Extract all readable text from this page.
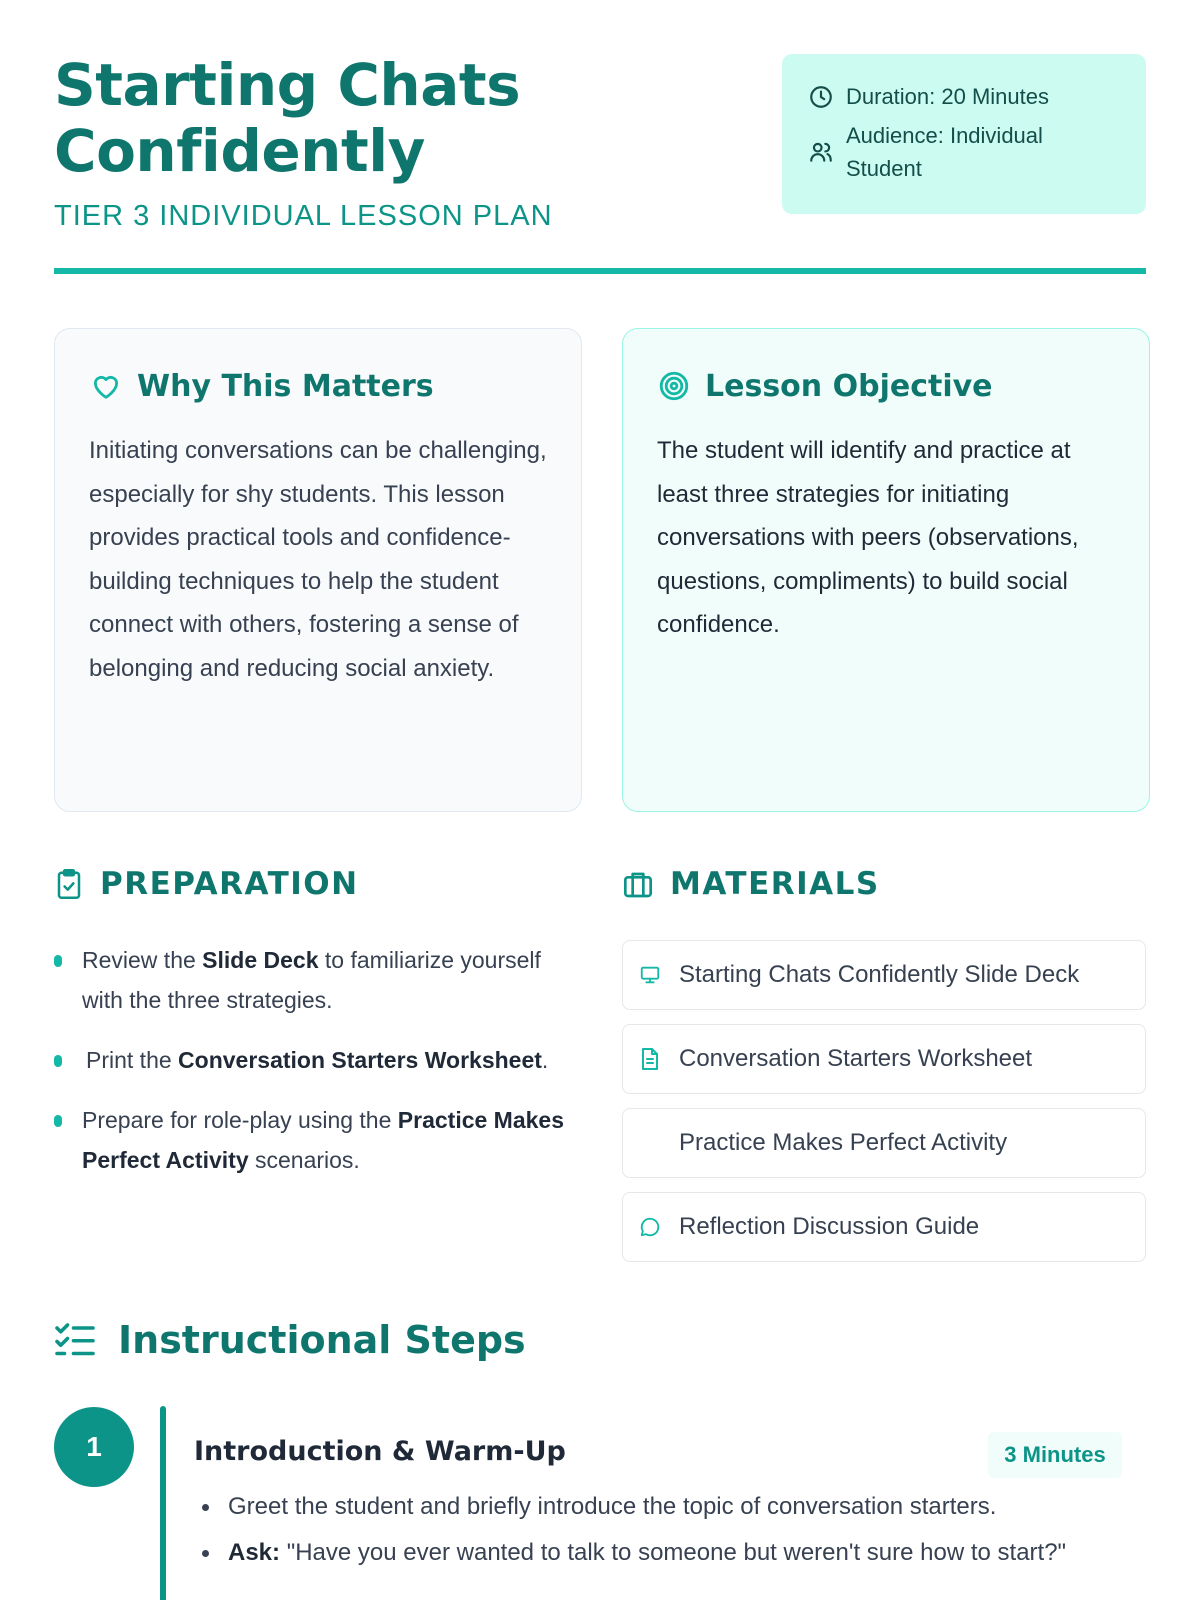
Starting Chats Confidently
TIER 3 INDIVIDUAL LESSON PLAN
Duration: 20 Minutes
Audience: Individual Student
Why This Matters

Initiating conversations can be challenging, especially for shy students. This lesson provides practical tools and confidence-building techniques to help the student connect with others, fostering a sense of belonging and reducing social anxiety.

Lesson Objective

The student will identify and practice at least three strategies for initiating conversations with peers (observations, questions, compliments) to build social confidence.

PREPARATION
Review the Slide Deck to familiarize yourself with the three strategies.
Print the Conversation Starters Worksheet.
Prepare for role-play using the Practice Makes Perfect Activity scenarios.
MATERIALS
Starting Chats Confidently Slide Deck
Conversation Starters Worksheet
Practice Makes Perfect Activity
Reflection Discussion Guide
Instructional Steps
1	Introduction & Warm-Up	3 Minutes
Greet the student and briefly introduce the topic of conversation starters.
Ask: "Have you ever wanted to talk to someone but weren't sure how to start?"
